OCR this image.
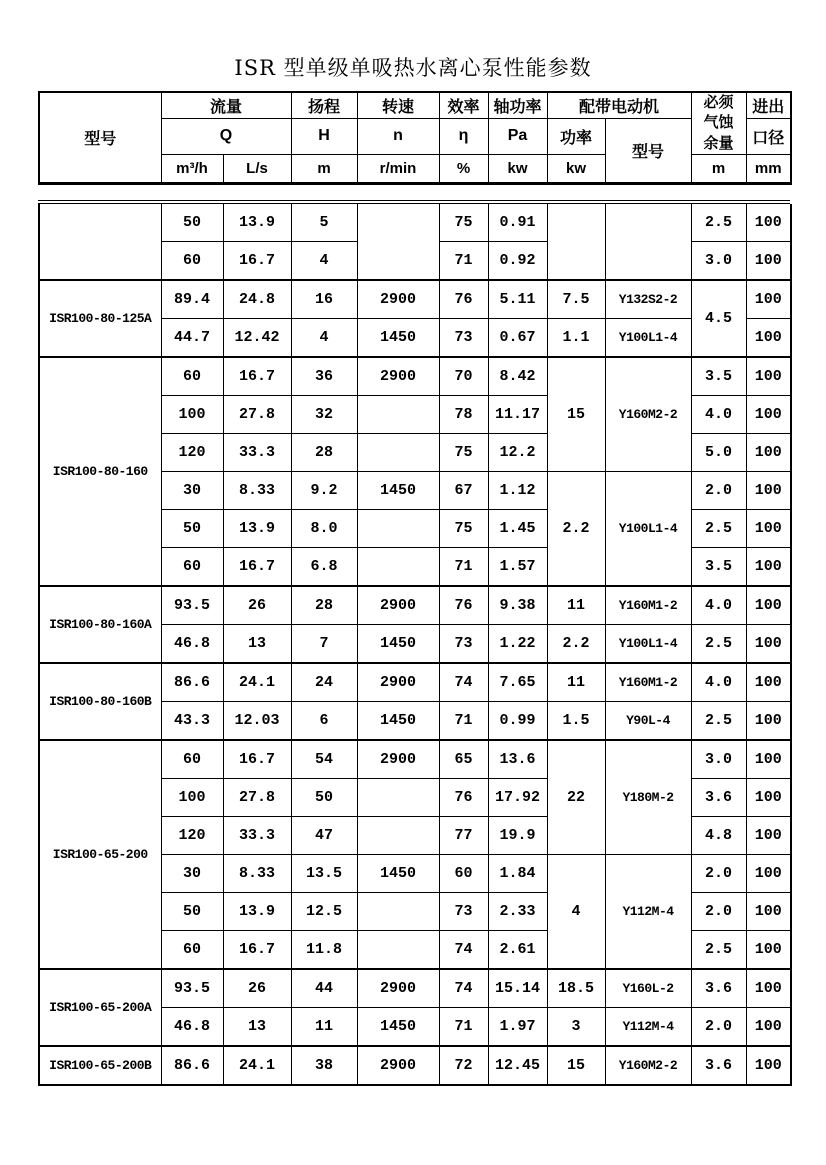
ISR 型单级单吸热水离心泵性能参数
型号	流量		扬程	转速	效率	轴功率	配带电动机		必须气蚀余量	进出
	Q		H	n	η	Pa	功率	型号		口径
	m³/h	L/s	m	r/min	%	kw	kw		m	mm
	50	13.9	5		75	0.91			2.5	100
	60	16.7	4		71	0.92			3.0	100
ISR100-80-125A	89.4	24.8	16	2900	76	5.11	7.5	Y132S2-2	4.5	100
	44.7	12.42	4	1450	73	0.67	1.1	Y100L1-4		100
ISR100-80-160	60	16.7	36	2900	70	8.42	15	Y160M2-2	3.5	100
	100	27.8	32		78	11.17			4.0	100
	120	33.3	28		75	12.2			5.0	100
	30	8.33	9.2	1450	67	1.12	2.2	Y100L1-4	2.0	100
	50	13.9	8.0		75	1.45			2.5	100
	60	16.7	6.8		71	1.57			3.5	100
ISR100-80-160A	93.5	26	28	2900	76	9.38	11	Y160M1-2	4.0	100
	46.8	13	7	1450	73	1.22	2.2	Y100L1-4	2.5	100
ISR100-80-160B	86.6	24.1	24	2900	74	7.65	11	Y160M1-2	4.0	100
	43.3	12.03	6	1450	71	0.99	1.5	Y90L-4	2.5	100
ISR100-65-200	60	16.7	54	2900	65	13.6	22	Y180M-2	3.0	100
	100	27.8	50		76	17.92			3.6	100
	120	33.3	47		77	19.9			4.8	100
	30	8.33	13.5	1450	60	1.84	4	Y112M-4	2.0	100
	50	13.9	12.5		73	2.33			2.0	100
	60	16.7	11.8		74	2.61			2.5	100
ISR100-65-200A	93.5	26	44	2900	74	15.14	18.5	Y160L-2	3.6	100
	46.8	13	11	1450	71	1.97	3	Y112M-4	2.0	100
ISR100-65-200B	86.6	24.1	38	2900	72	12.45	15	Y160M2-2	3.6	100
